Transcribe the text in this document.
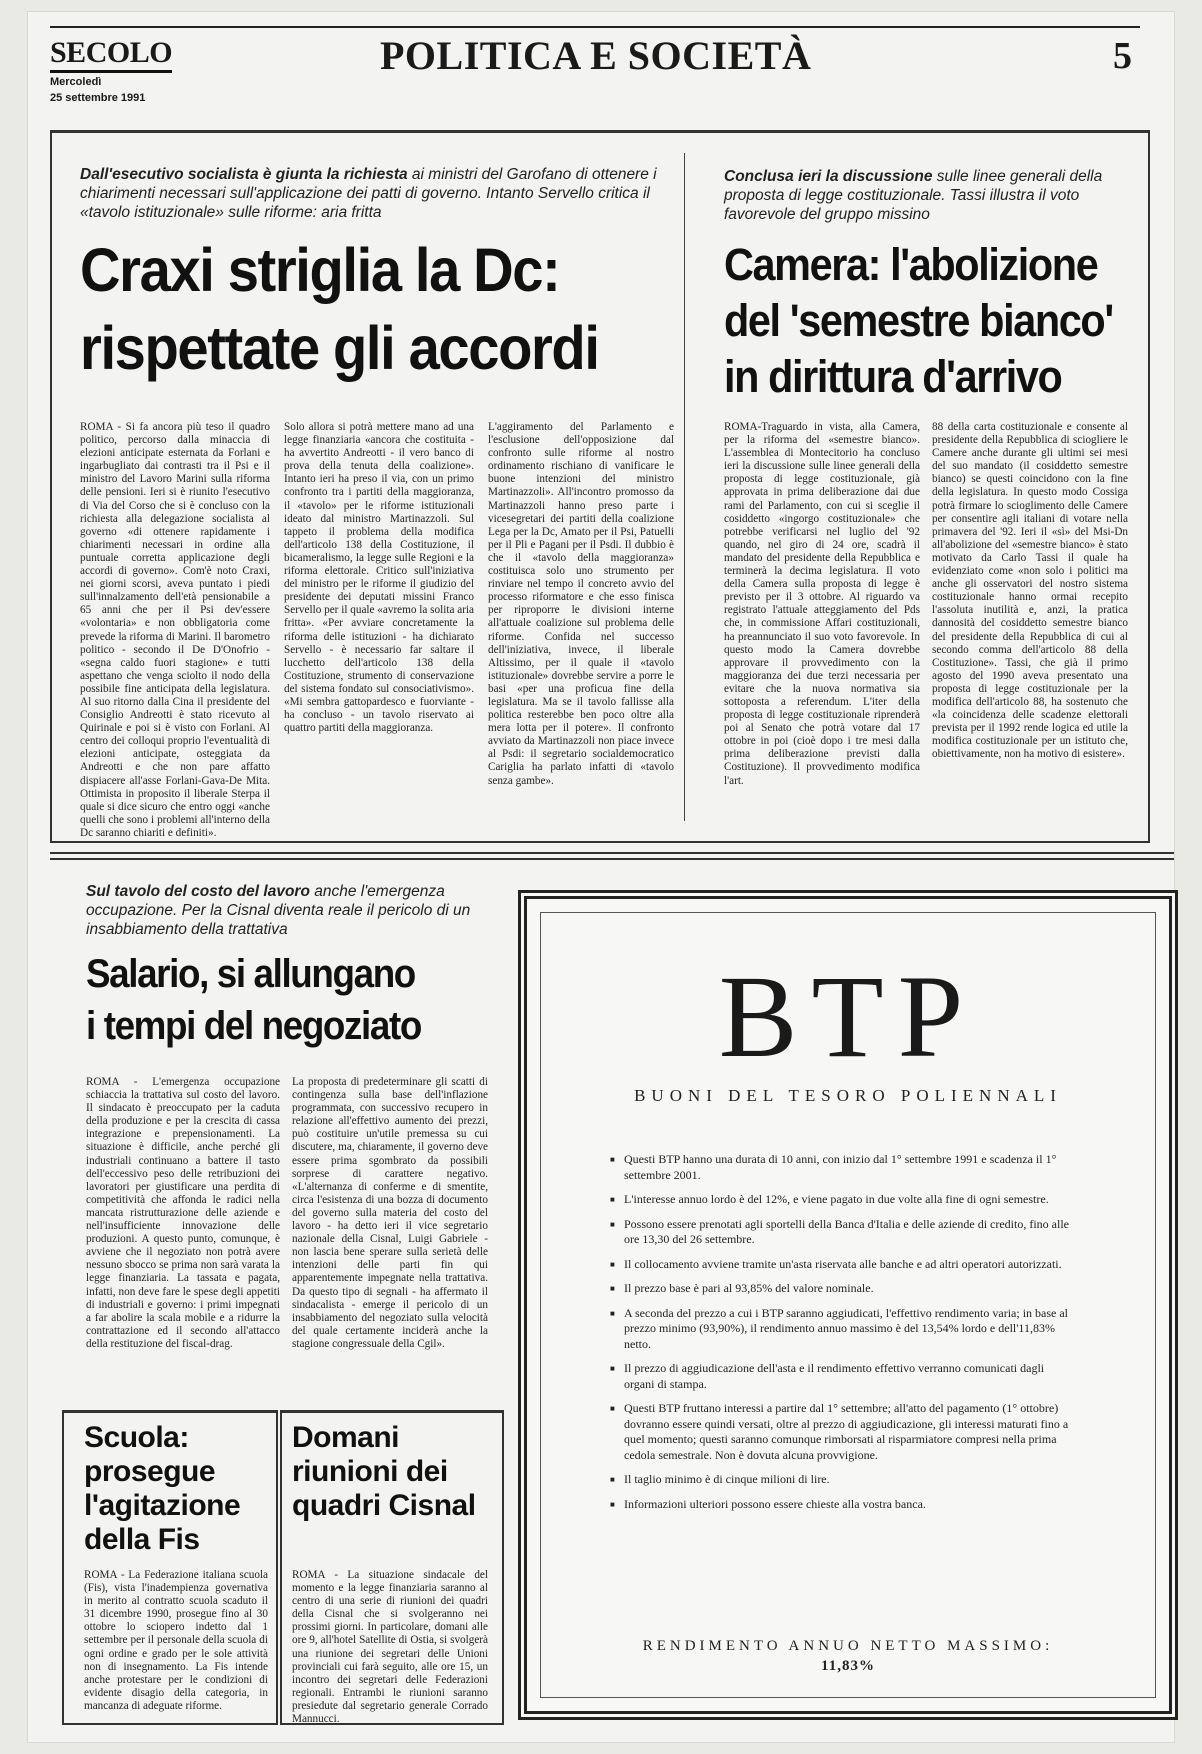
SECOLO
Mercoledì
25 settembre 1991
POLITICA E SOCIETÀ	5
Dall'esecutivo socialista è giunta la richiesta ai ministri del Garofano di ottenere i chiarimenti necessari sull'applicazione dei patti di governo. Intanto Servello critica il «tavolo istituzionale» sulle riforme: aria fritta
Craxi striglia la Dc:
rispettate gli accordi

ROMA - Si fa ancora più teso il quadro politico, percorso dalla minaccia di elezioni anticipate esternata da Forlani e ingarbugliato dai contrasti tra il Psi e il ministro del Lavoro Marini sulla riforma delle pensioni. Ieri si è riunito l'esecutivo di Via del Corso che si è concluso con la richiesta alla delegazione socialista al governo «di ottenere rapidamente i chiarimenti necessari in ordine alla puntuale corretta applicazione degli accordi di governo». Com'è noto Craxi, nei giorni scorsi, aveva puntato i piedi sull'innalzamento dell'età pensionabile a 65 anni che per il Psi dev'essere «volontaria» e non obbligatoria come prevede la riforma di Marini. Il barometro politico - secondo il De D'Onofrio - «segna caldo fuori stagione» e tutti aspettano che venga sciolto il nodo della possibile fine anticipata della legislatura. Al suo ritorno dalla Cina il presidente del Consiglio Andreotti è stato ricevuto al Quirinale e poi si è visto con Forlani. Al centro dei colloqui proprio l'eventualità di elezioni anticipate, osteggiata da Andreotti e che non pare affatto dispiacere all'asse Forlani-Gava-De Mita. Ottimista in proposito il liberale Sterpa il quale si dice sicuro che entro oggi «anche quelli che sono i problemi all'interno della Dc saranno chiariti e definiti».

Solo allora si potrà mettere mano ad una legge finanziaria «ancora che costituita - ha avvertito Andreotti - il vero banco di prova della tenuta della coalizione». Intanto ieri ha preso il via, con un primo confronto tra i partiti della maggioranza, il «tavolo» per le riforme istituzionali ideato dal ministro Martinazzoli. Sul tappeto il problema della modifica dell'articolo 138 della Costituzione, il bicameralismo, la legge sulle Regioni e la riforma elettorale. Critico sull'iniziativa del ministro per le riforme il giudizio del presidente dei deputati missini Franco Servello per il quale «avremo la solita aria fritta». «Per avviare concretamente la riforma delle istituzioni - ha dichiarato Servello - è necessario far saltare il lucchetto dell'articolo 138 della Costituzione, strumento di conservazione del sistema fondato sul consociativismo». «Mi sembra gattopardesco e fuorviante - ha concluso - un tavolo riservato ai quattro partiti della maggioranza.

L'aggiramento del Parlamento e l'esclusione dell'opposizione dal confronto sulle riforme al nostro ordinamento rischiano di vanificare le buone intenzioni del ministro Martinazzoli». All'incontro promosso da Martinazzoli hanno preso parte i vicesegretari dei partiti della coalizione Lega per la Dc, Amato per il Psi, Patuelli per il Pli e Pagani per il Psdi. Il dubbio è che il «tavolo della maggioranza» costituisca solo uno strumento per rinviare nel tempo il concreto avvio del processo riformatore e che esso finisca per riproporre le divisioni interne all'attuale coalizione sul problema delle riforme. Confida nel successo dell'iniziativa, invece, il liberale Altissimo, per il quale il «tavolo istituzionale» dovrebbe servire a porre le basi «per una proficua fine della legislatura. Ma se il tavolo fallisse alla politica resterebbe ben poco oltre alla mera lotta per il potere». Il confronto avviato da Martinazzoli non piace invece al Psdi: il segretario socialdemocratico Cariglia ha parlato infatti di «tavolo senza gambe».

Conclusa ieri la discussione sulle linee generali della proposta di legge costituzionale. Tassi illustra il voto favorevole del gruppo missino
Camera: l'abolizione
del 'semestre bianco'
in dirittura d'arrivo

ROMA-Traguardo in vista, alla Camera, per la riforma del «semestre bianco». L'assemblea di Montecitorio ha concluso ieri la discussione sulle linee generali della proposta di legge costituzionale, già approvata in prima deliberazione dai due rami del Parlamento, con cui si sceglie il cosiddetto «ingorgo costituzionale» che potrebbe verificarsi nel luglio del '92 quando, nel giro di 24 ore, scadrà il mandato del presidente della Repubblica e terminerà la decima legislatura. Il voto della Camera sulla proposta di legge è previsto per il 3 ottobre. Al riguardo va registrato l'attuale atteggiamento del Pds che, in commissione Affari costituzionali, ha preannunciato il suo voto favorevole. In questo modo la Camera dovrebbe approvare il provvedimento con la maggioranza dei due terzi necessaria per evitare che la nuova normativa sia sottoposta a referendum. L'iter della proposta di legge costituzionale riprenderà poi al Senato che potrà votare dal 17 ottobre in poi (cioè dopo i tre mesi dalla prima deliberazione previsti dalla Costituzione). Il provvedimento modifica l'art.

88 della carta costituzionale e consente al presidente della Repubblica di sciogliere le Camere anche durante gli ultimi sei mesi del suo mandato (il cosiddetto semestre bianco) se questi coincidono con la fine della legislatura. In questo modo Cossiga potrà firmare lo scioglimento delle Camere per consentire agli italiani di votare nella primavera del '92. Ieri il «sì» del Msi-Dn all'abolizione del «semestre bianco» è stato motivato da Carlo Tassi il quale ha evidenziato come «non solo i politici ma anche gli osservatori del nostro sistema costituzionale hanno ormai recepito l'assoluta inutilità e, anzi, la pratica dannosità del cosiddetto semestre bianco del presidente della Repubblica di cui al secondo comma dell'articolo 88 della Costituzione». Tassi, che già il primo agosto del 1990 aveva presentato una proposta di legge costituzionale per la modifica dell'articolo 88, ha sostenuto che «la coincidenza delle scadenze elettorali prevista per il 1992 rende logica ed utile la modifica costituzionale per un istituto che, obiettivamente, non ha motivo di esistere».

Sul tavolo del costo del lavoro anche l'emergenza occupazione. Per la Cisnal diventa reale il pericolo di un insabbiamento della trattativa
Salario, si allungano
i tempi del negoziato

ROMA - L'emergenza occupazione schiaccia la trattativa sul costo del lavoro. Il sindacato è preoccupato per la caduta della produzione e per la crescita di cassa integrazione e prepensionamenti. La situazione è difficile, anche perché gli industriali continuano a battere il tasto dell'eccessivo peso delle retribuzioni dei lavoratori per giustificare una perdita di competitività che affonda le radici nella mancata ristrutturazione delle aziende e nell'insufficiente innovazione delle produzioni. A questo punto, comunque, è avviene che il negoziato non potrà avere nessuno sbocco se prima non sarà varata la legge finanziaria. La tassata e pagata, infatti, non deve fare le spese degli appetiti di industriali e governo: i primi impegnati a far abolire la scala mobile e a ridurre la contrattazione ed il secondo all'attacco della restituzione del fiscal-drag.

La proposta di predeterminare gli scatti di contingenza sulla base dell'inflazione programmata, con successivo recupero in relazione all'effettivo aumento dei prezzi, può costituire un'utile premessa su cui discutere, ma, chiaramente, il governo deve essere prima sgombrato da possibili sorprese di carattere negativo. «L'alternanza di conferme e di smentite, circa l'esistenza di una bozza di documento del governo sulla materia del costo del lavoro - ha detto ieri il vice segretario nazionale della Cisnal, Luigi Gabriele - non lascia bene sperare sulla serietà delle intenzioni delle parti fin qui apparentemente impegnate nella trattativa. Da questo tipo di segnali - ha affermato il sindacalista - emerge il pericolo di un insabbiamento del negoziato sulla velocità del quale certamente inciderà anche la stagione congressuale della Cgil».

Scuola: prosegue l'agitazione della Fis

ROMA - La Federazione italiana scuola (Fis), vista l'inadempienza governativa in merito al contratto scuola scaduto il 31 dicembre 1990, prosegue fino al 30 ottobre lo sciopero indetto dal 1 settembre per il personale della scuola di ogni ordine e grado per le sole attività non di insegnamento. La Fis intende anche protestare per le condizioni di evidente disagio della categoria, in mancanza di adeguate riforme.

Domani riunioni dei quadri Cisnal

ROMA - La situazione sindacale del momento e la legge finanziaria saranno al centro di una serie di riunioni dei quadri della Cisnal che si svolgeranno nei prossimi giorni. In particolare, domani alle ore 9, all'hotel Satellite di Ostia, si svolgerà una riunione dei segretari delle Unioni provinciali cui farà seguito, alle ore 15, un incontro dei segretari delle Federazioni regionali. Entrambi le riunioni saranno presiedute dal segretario generale Corrado Mannucci.

BTP
BUONI DEL TESORO POLIENNALI
■ Questi BTP hanno una durata di 10 anni, con inizio dal 1° settembre 1991 e scadenza il 1° settembre 2001.
■ L'interesse annuo lordo è del 12%, e viene pagato in due volte alla fine di ogni semestre.
■ Possono essere prenotati agli sportelli della Banca d'Italia e delle aziende di credito, fino alle ore 13,30 del 26 settembre.
■ Il collocamento avviene tramite un'asta riservata alle banche e ad altri operatori autorizzati.
■ Il prezzo base è pari al 93,85% del valore nominale.
■ A seconda del prezzo a cui i BTP saranno aggiudicati, l'effettivo rendimento varia; in base al prezzo minimo (93,90%), il rendimento annuo massimo è del 13,54% lordo e dell'11,83% netto.
■ Il prezzo di aggiudicazione dell'asta e il rendimento effettivo verranno comunicati dagli organi di stampa.
■ Questi BTP fruttano interessi a partire dal 1° settembre; all'atto del pagamento (1° ottobre) dovranno essere quindi versati, oltre al prezzo di aggiudicazione, gli interessi maturati fino a quel momento; questi saranno comunque rimborsati al risparmiatore compresi nella prima cedola semestrale. Non è dovuta alcuna provvigione.
■ Il taglio minimo è di cinque milioni di lire.
■ Informazioni ulteriori possono essere chieste alla vostra banca.
RENDIMENTO ANNUO NETTO MASSIMO:
11,83%
